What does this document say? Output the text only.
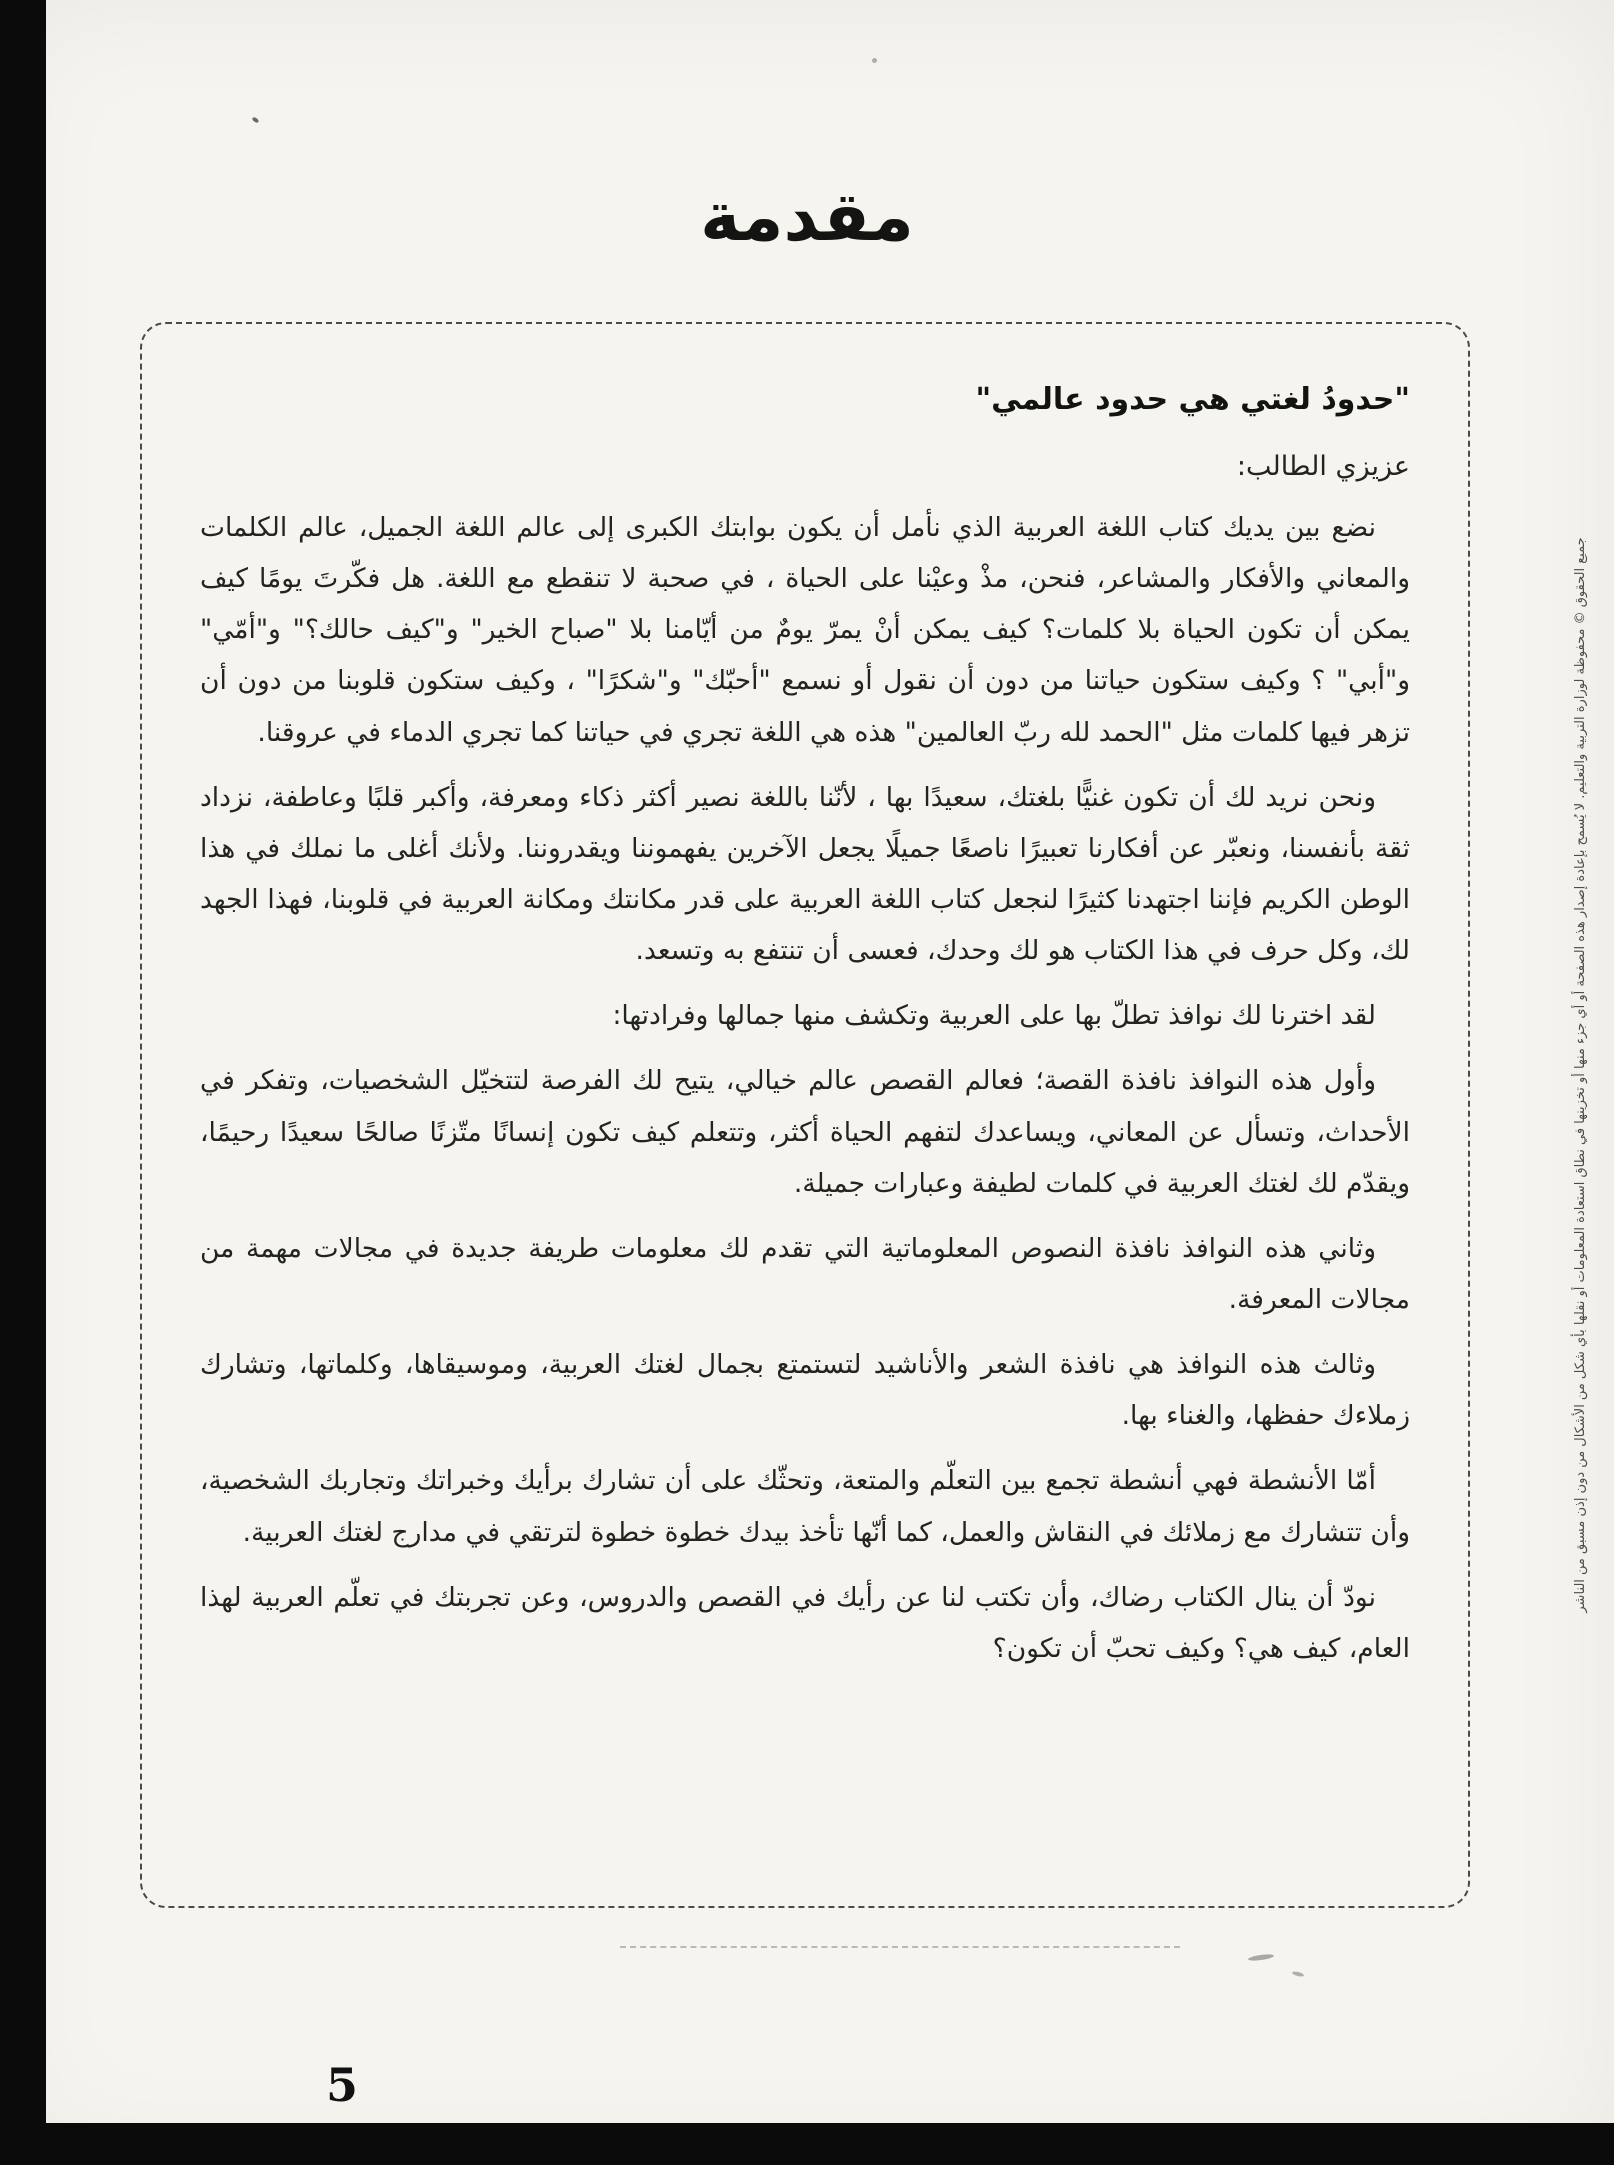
مقدمة

"حدودُ لغتي هي حدود عالمي"

عزيزي الطالب:

نضع بين يديك كتاب اللغة العربية الذي نأمل أن يكون بوابتك الكبرى إلى عالم اللغة الجميل، عالم الكلمات والمعاني والأفكار والمشاعر، فنحن، مذْ وعيْنا على الحياة ، في صحبة لا تنقطع مع اللغة. هل فكّرتَ يومًا كيف يمكن أن تكون الحياة بلا كلمات؟ كيف يمكن أنْ يمرّ يومٌ من أيّامنا بلا "صباح الخير" و"كيف حالك؟" و"أمّي" و"أبي" ؟ وكيف ستكون حياتنا من دون أن نقول أو نسمع "أحبّك" و"شكرًا" ، وكيف ستكون قلوبنا من دون أن تزهر فيها كلمات مثل "الحمد لله ربّ العالمين" هذه هي اللغة تجري في حياتنا كما تجري الدماء في عروقنا.

ونحن نريد لك أن تكون غنيًّا بلغتك، سعيدًا بها ، لأنّنا باللغة نصير أكثر ذكاء ومعرفة، وأكبر قلبًا وعاطفة، نزداد ثقة بأنفسنا، ونعبّر عن أفكارنا تعبيرًا ناصعًا جميلًا يجعل الآخرين يفهموننا ويقدروننا. ولأنك أغلى ما نملك في هذا الوطن الكريم فإننا اجتهدنا كثيرًا لنجعل كتاب اللغة العربية على قدر مكانتك ومكانة العربية في قلوبنا، فهذا الجهد لك، وكل حرف في هذا الكتاب هو لك وحدك، فعسى أن تنتفع به وتسعد.

لقد اخترنا لك نوافذ تطلّ بها على العربية وتكشف منها جمالها وفرادتها:

وأول هذه النوافذ نافذة القصة؛ فعالم القصص عالم خيالي، يتيح لك الفرصة لتتخيّل الشخصيات، وتفكر في الأحداث، وتسأل عن المعاني، ويساعدك لتفهم الحياة أكثر، وتتعلم كيف تكون إنسانًا متّزنًا صالحًا سعيدًا رحيمًا، ويقدّم لك لغتك العربية في كلمات لطيفة وعبارات جميلة.

وثاني هذه النوافذ نافذة النصوص المعلوماتية التي تقدم لك معلومات طريفة جديدة في مجالات مهمة من مجالات المعرفة.

وثالث هذه النوافذ هي نافذة الشعر والأناشيد لتستمتع بجمال لغتك العربية، وموسيقاها، وكلماتها، وتشارك زملاءك حفظها، والغناء بها.

أمّا الأنشطة فهي أنشطة تجمع بين التعلّم والمتعة، وتحثّك على أن تشارك برأيك وخبراتك وتجاربك الشخصية، وأن تتشارك مع زملائك في النقاش والعمل، كما أنّها تأخذ بيدك خطوة خطوة لترتقي في مدارج لغتك العربية.

نودّ أن ينال الكتاب رضاك، وأن تكتب لنا عن رأيك في القصص والدروس، وعن تجربتك في تعلّم العربية لهذا العام، كيف هي؟ وكيف تحبّ أن تكون؟

جميع الحقوق © محفوظة لوزارة التربية والتعليم. لا يُسمح بإعادة إصدار هذه الصفحة أو أي جزء منها أو تخزينها في نطاق استعادة المعلومات أو نقلها بأي شكل من الأشكال من دون إذن مسبق من الناشر
5
